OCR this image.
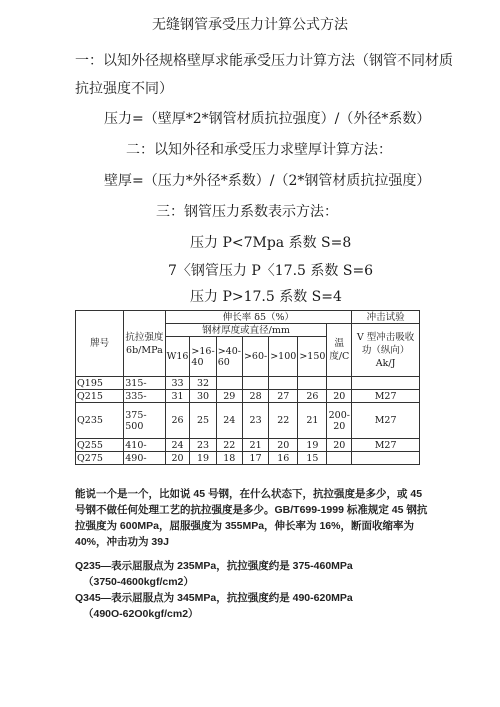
无缝钢管承受压力计算公式方法
一：以知外径规格壁厚求能承受压力计算方法（钢管不同材质
抗拉强度不同）
压力=（壁厚*2*钢管材质抗拉强度）/（外径*系数）
二：以知外径和承受压力求壁厚计算方法：
壁厚=（压力*外径*系数）/（2*钢管材质抗拉强度）
三：钢管压力系数表示方法：
压力 P<7Mpa 系数 S=8
7〈钢管压力 P〈17.5 系数 S=6
压力 P>17.5 系数 S=4
牌号	抗拉强度6b/MPa	伸长率 δ5（%）							冲击试验
		钢材厚度或直径/mm						温度/C	V 型冲击吸收功（纵向）Ak/J
		W16	>16-40	>40-60	>60-	>100	>150		
Q195	315-	33	32						
Q215	335-	31	30	29	28	27	26	20	M27
Q235	375-500	26	25	24	23	22	21	200-20	M27
Q255	410-	24	23	22	21	20	19	20	M27
Q275	490-	20	19	18	17	16	15		

能说一个是一个，比如说 45 号钢，在什么状态下，抗拉强度是多少，或 45 号钢不做任何处理工艺的抗拉强度是多少。GB/T699-1999 标准规定 45 钢抗拉强度为 600MPa，屈服强度为 355MPa，伸长率为 16%，断面收缩率为 40%，冲击功为 39J

Q235—表示屈服点为 235MPa，抗拉强度约是 375-460MPa

（3750-4600kgf/cm2）

Q345—表示屈服点为 345MPa，抗拉强度约是 490-620MPa

（490O-62O0kgf/cm2）
